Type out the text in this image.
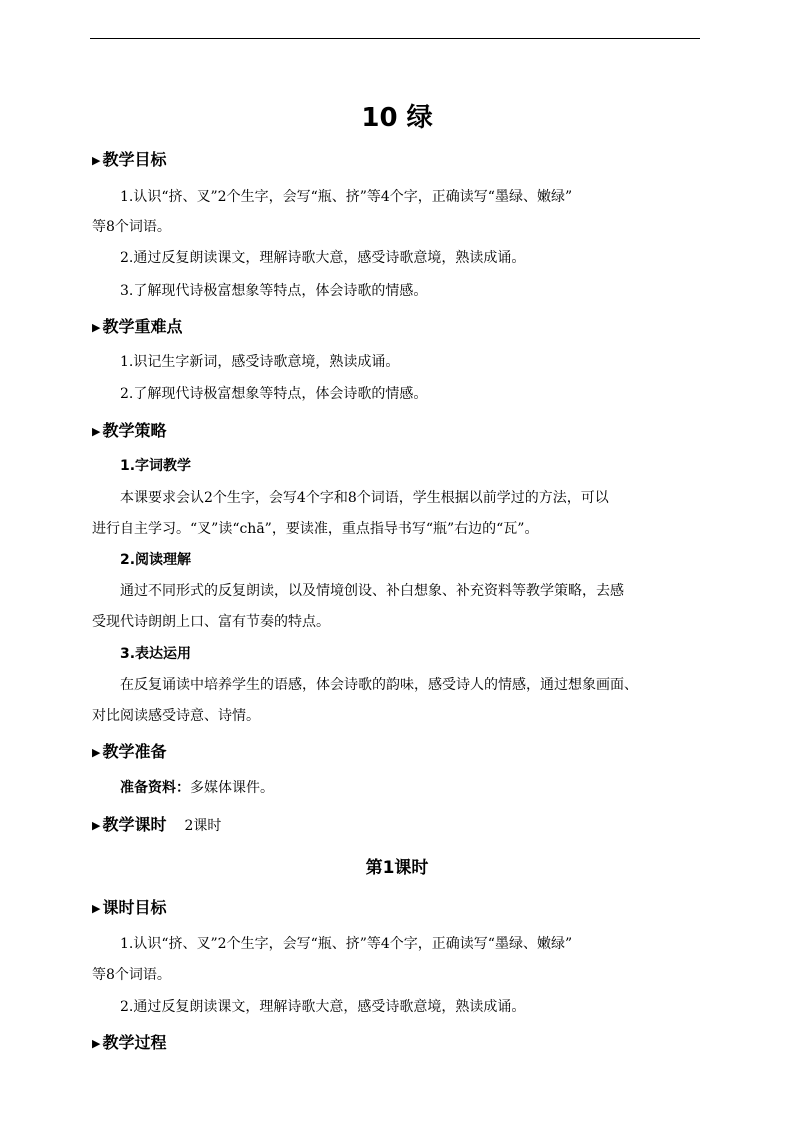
10 绿
▶ 教学目标
1.认识“挤、叉”2个生字，会写“瓶、挤”等4个字，正确读写“墨绿、嫩绿”
等8个词语。
2.通过反复朗读课文，理解诗歌大意，感受诗歌意境，熟读成诵。
3.了解现代诗极富想象等特点，体会诗歌的情感。
▶ 教学重难点
1.识记生字新词，感受诗歌意境，熟读成诵。
2.了解现代诗极富想象等特点，体会诗歌的情感。
▶ 教学策略
1.字词教学
本课要求会认2个生字，会写4个字和8个词语，学生根据以前学过的方法，可以
进行自主学习。“叉”读“chā”，要读准，重点指导书写“瓶”右边的“瓦”。
2.阅读理解
通过不同形式的反复朗读，以及情境创设、补白想象、补充资料等教学策略，去感
受现代诗朗朗上口、富有节奏的特点。
3.表达运用
在反复诵读中培养学生的语感，体会诗歌的韵味，感受诗人的情感，通过想象画面、
对比阅读感受诗意、诗情。
▶ 教学准备
准备资料：多媒体课件。
▶ 教学课时 2课时
第1课时
▶ 课时目标
1.认识“挤、叉”2个生字，会写“瓶、挤”等4个字，正确读写“墨绿、嫩绿”
等8个词语。
2.通过反复朗读课文，理解诗歌大意，感受诗歌意境，熟读成诵。
▶ 教学过程
